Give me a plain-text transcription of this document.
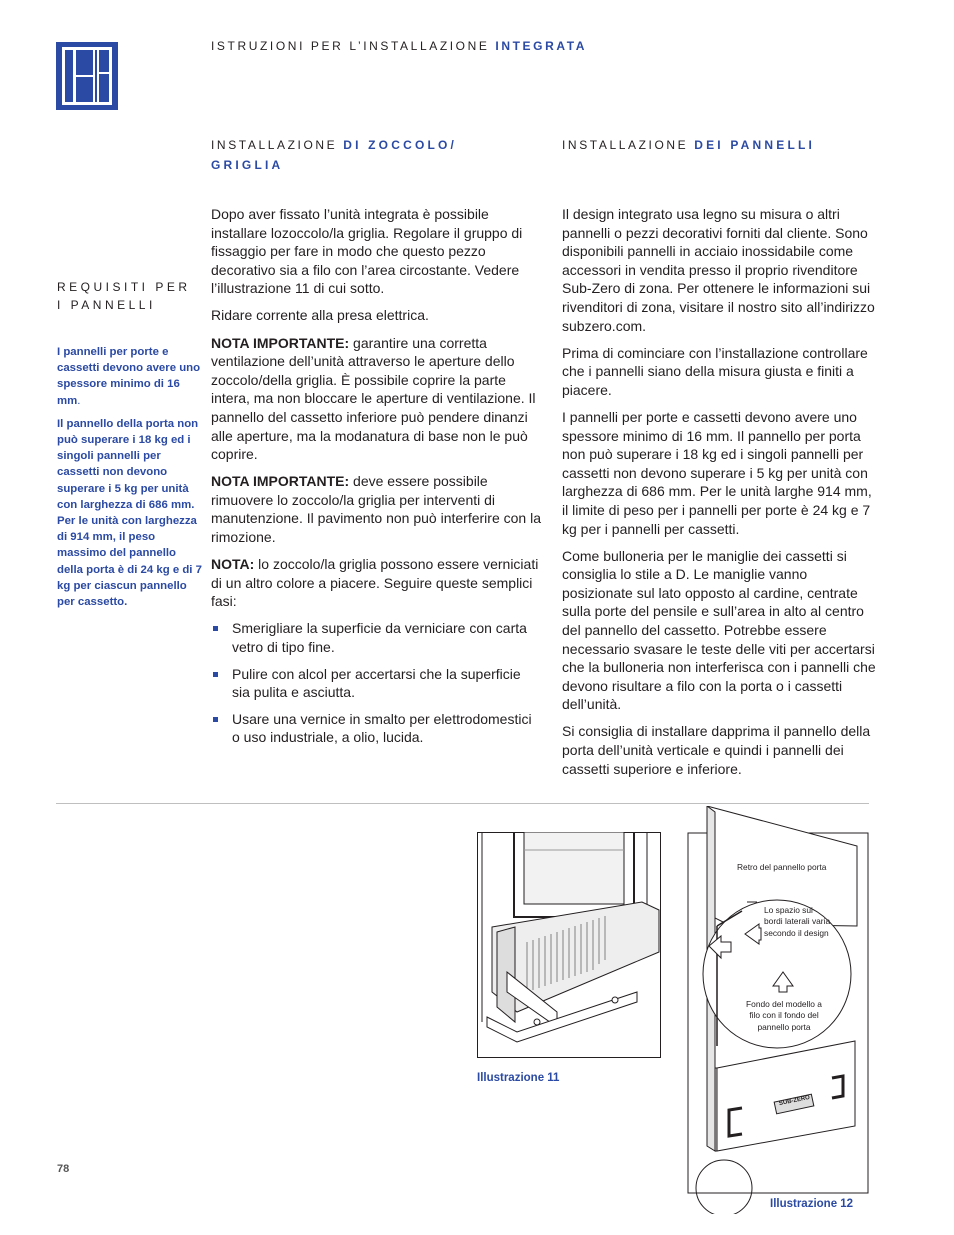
ISTRUZIONI PER L’INSTALLAZIONE INTEGRATA
INSTALLAZIONE DI ZOCCOLO/ GRIGLIA
INSTALLAZIONE DEI PANNELLI
REQUISITI PER
I PANNELLI

I pannelli per porte e cassetti devono avere uno spessore minimo di 16 mm.

Il pannello della porta non può superare i 18 kg ed i singoli pannelli per cassetti non devono superare i 5 kg per unità con larghezza di 686 mm. Per le unità con larghezza di 914 mm, il peso massimo del pannello della porta è di 24 kg e di 7 kg per ciascun pannello per cassetto.

Dopo aver fissato l’unità integrata è possibile installare lozoccolo/la griglia. Regolare il gruppo di fissaggio per fare in modo che questo pezzo decorativo sia a filo con l’area circostante. Vedere l’illustrazione 11 di cui sotto.

Ridare corrente alla presa elettrica.

NOTA IMPORTANTE: garantire una corretta ventilazione dell’unità attraverso le aperture dello zoccolo/della griglia. È possibile coprire la parte intera, ma non bloccare le aperture di ventilazione. Il pannello del cassetto inferiore può pendere dinanzi alle aperture, ma la modanatura di base non le può coprire.

NOTA IMPORTANTE: deve essere possibile rimuovere lo zoccolo/la griglia per interventi di manutenzione. Il pavimento non può interferire con la rimozione.

NOTA: lo zoccolo/la griglia possono essere verniciati di un altro colore a piacere. Seguire queste semplici fasi:

Smerigliare la superficie da verniciare con carta vetro di tipo fine.
Pulire con alcol per accertarsi che la superficie sia pulita e asciutta.
Usare una vernice in smalto per elettrodomestici o uso industriale, a olio, lucida.

Il design integrato usa legno su misura o altri pannelli o pezzi decorativi forniti dal cliente. Sono disponibili pannelli in acciaio inossidabile come accessori in vendita presso il proprio rivenditore Sub-Zero di zona. Per ottenere le informazioni sui rivenditori di zona, visitare il nostro sito all’indirizzo subzero.com.

Prima di cominciare con l’installazione controllare che i pannelli siano della misura giusta e finiti a piacere.

I pannelli per porte e cassetti devono avere uno spessore minimo di 16 mm. Il pannello per porta non può superare i 18 kg ed i singoli pannelli per cassetti non devono superare i 5 kg per unità con larghezza di 686 mm. Per le unità larghe 914 mm, il limite di peso per i pannelli per porte è 24 kg e 7 kg per i pannelli per cassetti.

Come bulloneria per le maniglie dei cassetti si consiglia lo stile a D. Le maniglie vanno posizionate sul lato opposto al cardine, centrate sulla porte del pensile e sull’area in alto al centro del pannello del cassetto. Potrebbe essere necessario svasare le teste delle viti per accertarsi che la bulloneria non interferisca con i pannelli che devono risultare a filo con la porta o i cassetti dell’unità.

Si consiglia di installare dapprima il pannello della porta dell’unità verticale e quindi i pannelli dei cassetti superiore e inferiore.

Illustrazione 11
Retro del pannello porta
Lo spazio sui bordi laterali varia secondo il design
Fondo del modello a filo con il fondo del pannello porta
SUB-ZERO
Illustrazione 12
78
